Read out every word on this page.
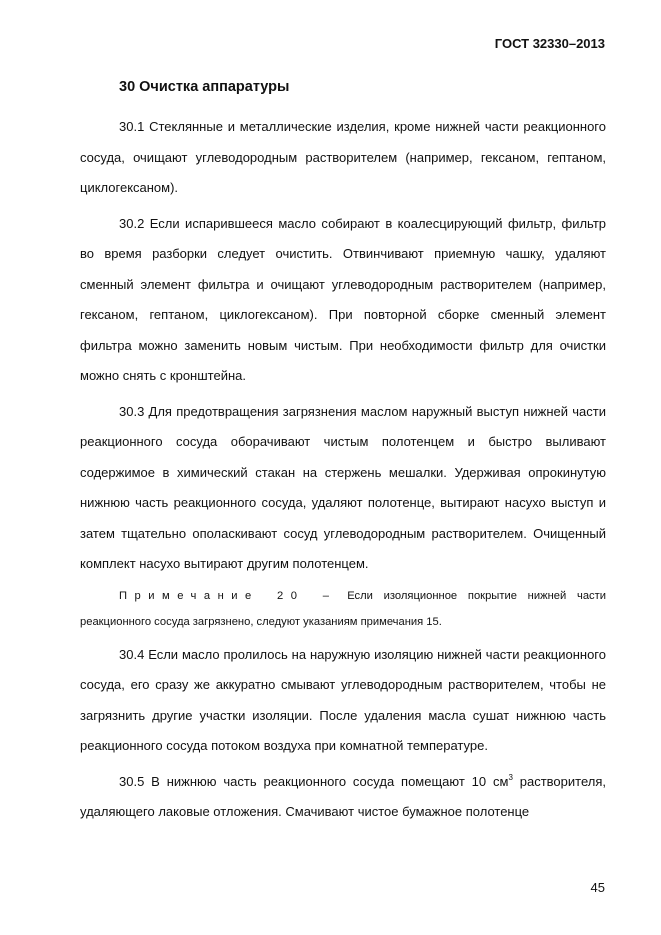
ГОСТ 32330–2013
30 Очистка аппаратуры

30.1 Стеклянные и металлические изделия, кроме нижней части реакционного сосуда, очищают углеводородным растворителем (например, гексаном, гептаном, циклогексаном).

30.2 Если испарившееся масло собирают в коалесцирующий фильтр, фильтр во время разборки следует очистить. Отвинчивают приемную чашку, удаляют сменный элемент фильтра и очищают углеводородным растворителем (например, гексаном, гептаном, циклогексаном). При повторной сборке сменный элемент фильтра можно заменить новым чистым. При необходимости фильтр для очистки можно снять с кронштейна.

30.3 Для предотвращения загрязнения маслом наружный выступ нижней части реакционного сосуда оборачивают чистым полотенцем и быстро выливают содержимое в химический стакан на стержень мешалки. Удерживая опрокинутую нижнюю часть реакционного сосуда, удаляют полотенце, вытирают насухо выступ и затем тщательно ополаскивают сосуд углеводородным растворителем. Очищенный комплект насухо вытирают другим полотенцем.

Примечание 20 – Если изоляционное покрытие нижней части реакционного сосуда загрязнено, следуют указаниям примечания 15.

30.4 Если масло пролилось на наружную изоляцию нижней части реакционного сосуда, его сразу же аккуратно смывают углеводородным растворителем, чтобы не загрязнить другие участки изоляции. После удаления масла сушат нижнюю часть реакционного сосуда потоком воздуха при комнатной температуре.

30.5 В нижнюю часть реакционного сосуда помещают 10 $см^3$ растворителя, удаляющего лаковые отложения. Смачивают чистое бумажное полотенце

45
